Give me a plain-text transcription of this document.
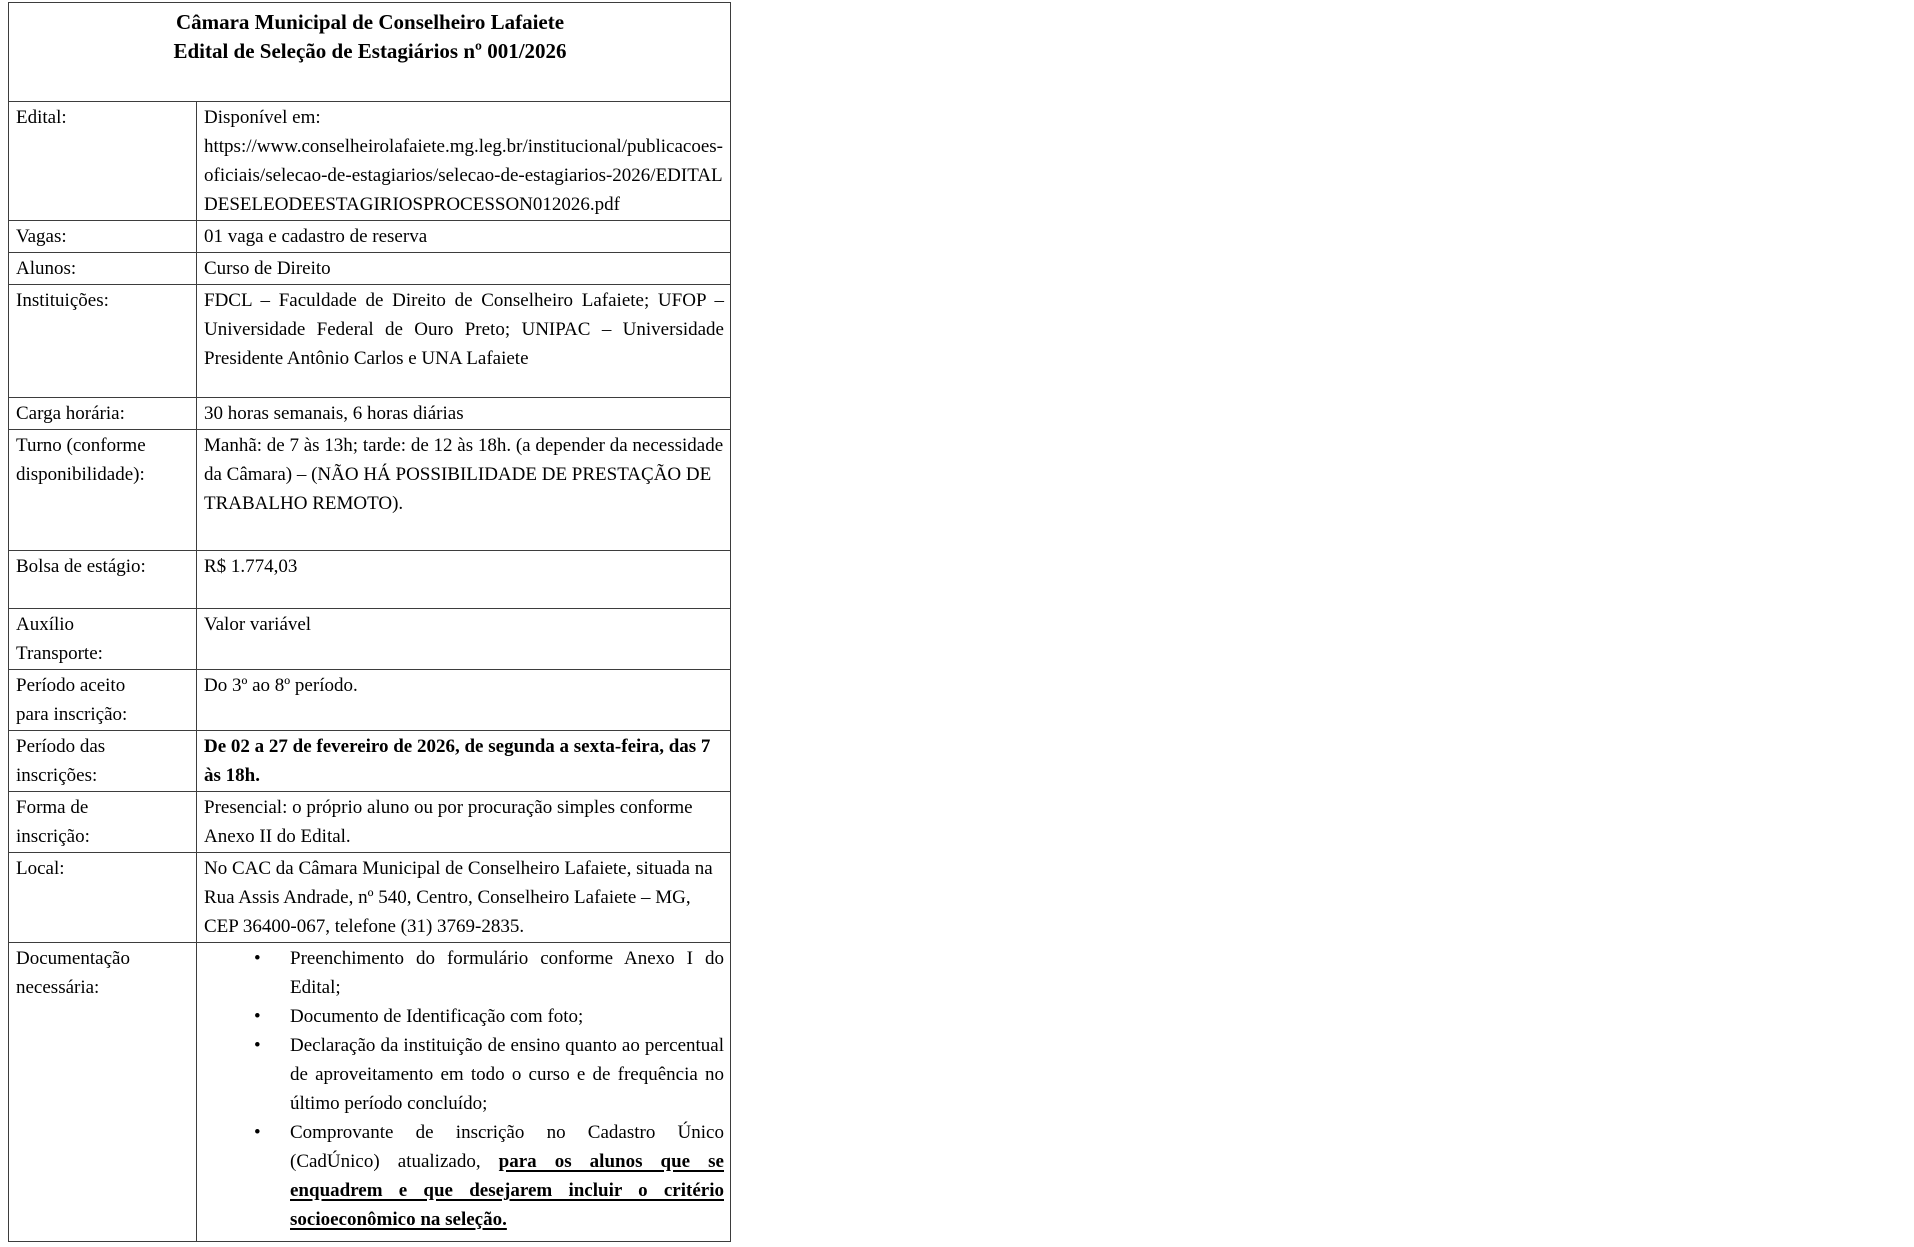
Câmara Municipal de Conselheiro Lafaiete
Edital de Seleção de Estagiários nº 001/2026	

Edital:	Disponível em:
https://www.conselheirolafaiete.mg.leg.br/institucional/publicacoes-oficiais/selecao-de-estagiarios/selecao-de-estagiarios-2026/EDITALDESELEODEESTAGIRIOSPROCESSON012026.pdf

Vagas:	01 vaga e cadastro de reserva
Alunos:	Curso de Direito
Instituições:	FDCL – Faculdade de Direito de Conselheiro Lafaiete; UFOP – Universidade Federal de Ouro Preto; UNIPAC – Universidade Presidente Antônio Carlos e UNA Lafaiete
Carga horária:	30 horas semanais, 6 horas diárias
Turno (conforme disponibilidade):	Manhã: de 7 às 13h; tarde: de 12 às 18h. (a depender da necessidade da Câmara) – (NÃO HÁ POSSIBILIDADE DE PRESTAÇÃO DE TRABALHO REMOTO).
Bolsa de estágio:	R$ 1.774,03
Auxílio Transporte:	Valor variável
Período aceito para inscrição:	Do 3º ao 8º período.
Período das inscrições:	De 02 a 27 de fevereiro de 2026, de segunda a sexta-feira, das 7 às 18h.
Forma de inscrição:	Presencial: o próprio aluno ou por procuração simples conforme Anexo II do Edital.
Local:	No CAC da Câmara Municipal de Conselheiro Lafaiete, situada na Rua Assis Andrade, nº 540, Centro, Conselheiro Lafaiete – MG, CEP 36400-067, telefone (31) 3769-2835.
Documentação necessária:	
•	Preenchimento do formulário conforme Anexo I do Edital;
•	Documento de Identificação com foto;
•	Declaração da instituição de ensino quanto ao percentual de aproveitamento em todo o curso e de frequência no último período concluído;
•	Comprovante de inscrição no Cadastro Único (CadÚnico) atualizado, para os alunos que se enquadrem e que desejarem incluir o critério socioeconômico na seleção.
